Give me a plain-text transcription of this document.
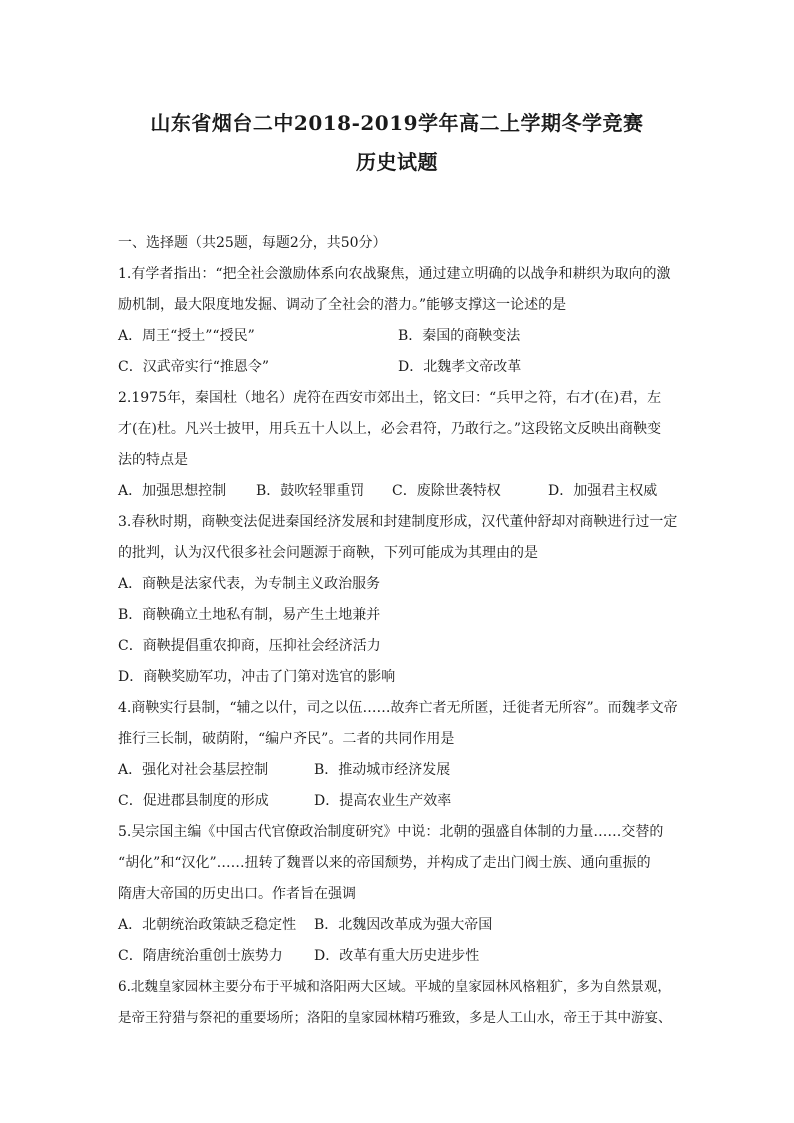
山东省烟台二中2018-2019学年高二上学期冬学竞赛
历史试题
一、选择题（共25题，每题2分，共50分）
1.有学者指出：“把全社会激励体系向农战聚焦，通过建立明确的以战争和耕织为取向的激
励机制，最大限度地发掘、调动了全社会的潜力。”能够支撑这一论述的是
A．周王“授土”“授民”	B．秦国的商鞅变法
C．汉武帝实行“推恩令”	D．北魏孝文帝改革
2.1975年，秦国杜（地名）虎符在西安市郊出土，铭文曰：“兵甲之符，右才(在)君，左
才(在)杜。凡兴士披甲，用兵五十人以上，必会君符，乃敢行之。”这段铭文反映出商鞅变
法的特点是
A．加强思想控制	B．鼓吹轻罪重罚	C．废除世袭特权	D．加强君主权威
3.春秋时期，商鞅变法促进秦国经济发展和封建制度形成，汉代董仲舒却对商鞅进行过一定
的批判，认为汉代很多社会问题源于商鞅，下列可能成为其理由的是
A．商鞅是法家代表，为专制主义政治服务
B．商鞅确立土地私有制，易产生土地兼并
C．商鞅提倡重农抑商，压抑社会经济活力
D．商鞅奖励军功，冲击了门第对选官的影响
4.商鞅实行县制，“辅之以什，司之以伍……故奔亡者无所匿，迁徙者无所容”。而魏孝文帝
推行三长制，破荫附，“编户齐民”。二者的共同作用是
A．强化对社会基层控制	B．推动城市经济发展
C．促进郡县制度的形成	D．提高农业生产效率
5.吴宗国主编《中国古代官僚政治制度研究》中说：北朝的强盛自体制的力量……交替的
“胡化”和“汉化”……扭转了魏晋以来的帝国颓势，并构成了走出门阀士族、通向重振的
隋唐大帝国的历史出口。作者旨在强调
A．北朝统治政策缺乏稳定性	B．北魏因改革成为强大帝国
C．隋唐统治重创士族势力	D．改革有重大历史进步性
6.北魏皇家园林主要分布于平城和洛阳两大区域。平城的皇家园林风格粗犷，多为自然景观，
是帝王狩猎与祭祀的重要场所；洛阳的皇家园林精巧雅致，多是人工山水，帝王于其中游宴、
